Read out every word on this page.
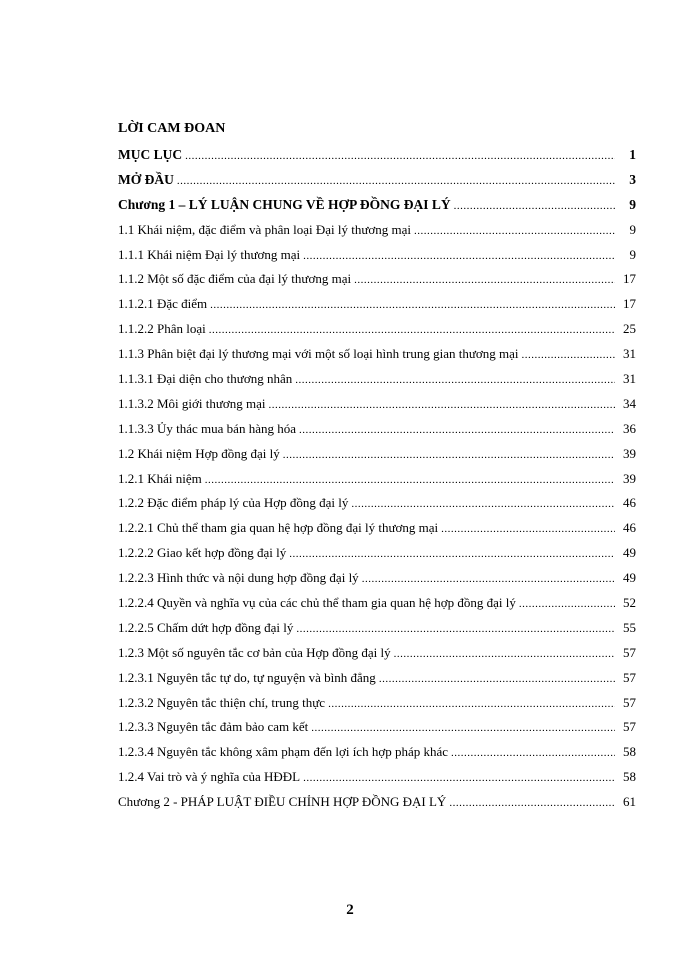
LỜI CAM ĐOAN
MỤC LỤC .....	1
MỞ ĐẦU .....	3
Chương 1 – LÝ LUẬN CHUNG VỀ HỢP ĐỒNG ĐẠI LÝ .....	9
1.1 Khái niệm, đặc điểm và phân loại Đại lý thương mại .....	9
1.1.1 Khái niệm Đại lý thương mại .....	9
1.1.2 Một số đặc điểm của đại lý thương mại .....	17
1.1.2.1 Đặc điểm .....	17
1.1.2.2 Phân loại .....	25
1.1.3 Phân biệt đại lý thương mại với một số loại hình trung gian thương mại .....	31
1.1.3.1 Đại diện cho thương nhân .....	31
1.1.3.2 Môi giới thương mại .....	34
1.1.3.3 Ủy thác mua bán hàng hóa .....	36
1.2 Khái niệm Hợp đồng đại lý .....	39
1.2.1 Khái niệm .....	39
1.2.2 Đặc điểm pháp lý của Hợp đồng đại lý .....	46
1.2.2.1 Chủ thể tham gia quan hệ hợp đồng đại lý thương mại .....	46
1.2.2.2 Giao kết hợp đồng đại lý .....	49
1.2.2.3 Hình thức và nội dung hợp đồng đại lý .....	49
1.2.2.4 Quyền và nghĩa vụ của các chủ thể tham gia quan hệ hợp đồng đại lý .....	52
1.2.2.5 Chấm dứt hợp đồng đại lý .....	55
1.2.3 Một số nguyên tắc cơ bản của Hợp đồng đại lý .....	57
1.2.3.1 Nguyên tắc tự do, tự nguyện và bình đẳng .....	57
1.2.3.2 Nguyên tắc thiện chí, trung thực .....	57
1.2.3.3 Nguyên tắc đảm bảo cam kết .....	57
1.2.3.4 Nguyên tắc không xâm phạm đến lợi ích hợp pháp khác .....	58
1.2.4 Vai trò và ý nghĩa của HĐĐL .....	58
Chương 2 - PHÁP LUẬT ĐIỀU CHỈNH HỢP ĐỒNG ĐẠI LÝ .....	61
2
